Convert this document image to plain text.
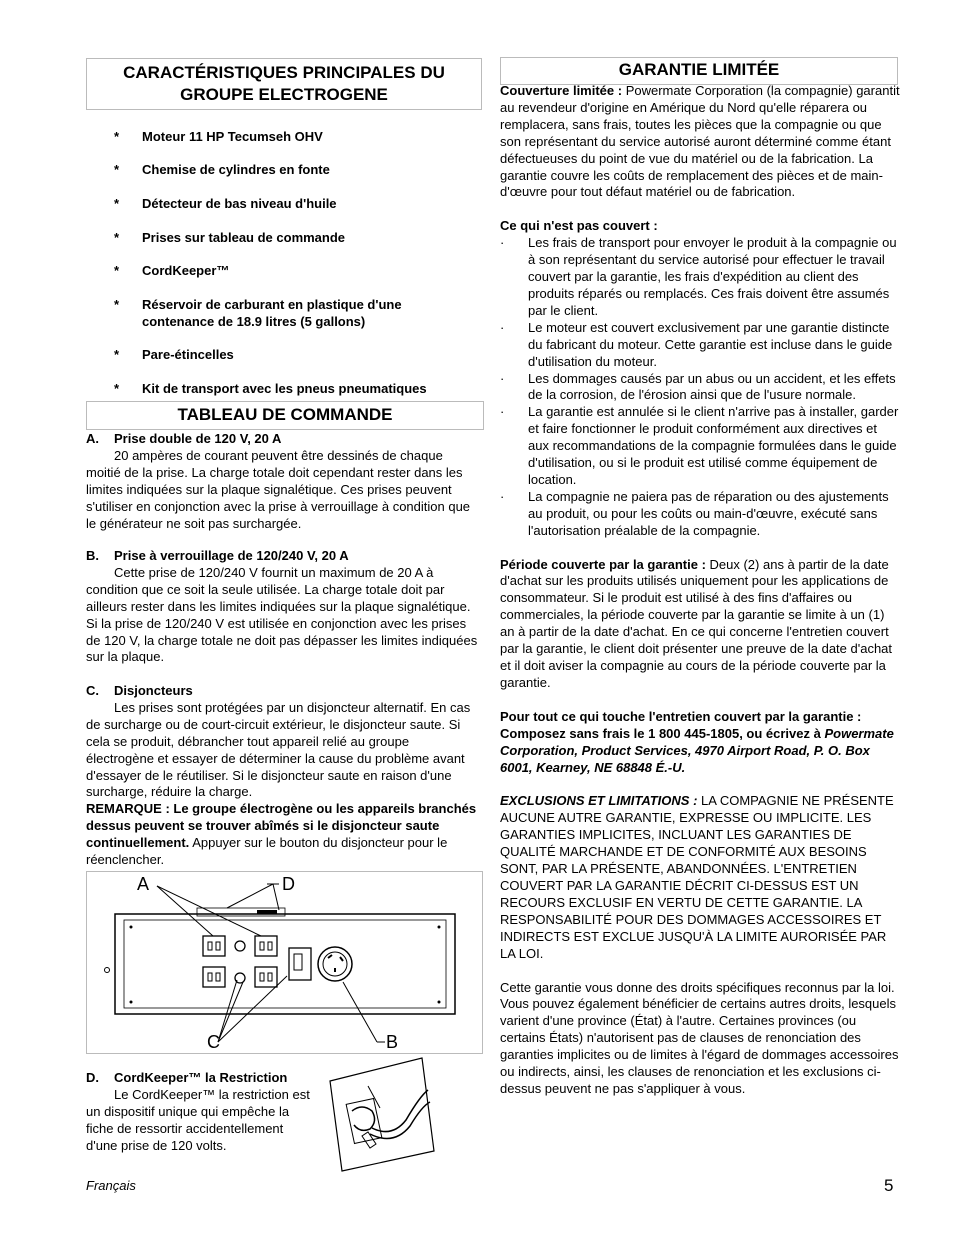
CARACTÉRISTIQUES PRINCIPALES DU GROUPE ELECTROGENE
* Moteur 11 HP Tecumseh OHV
* Chemise de cylindres en fonte
* Détecteur de bas niveau d'huile
* Prises sur tableau de commande
* CordKeeper™
* Réservoir de carburant en plastique d'une contenance de 18.9 litres (5 gallons)
* Pare-étincelles
* Kit de transport avec les pneus pneumatiques
TABLEAU DE COMMANDE
A. Prise double de 120 V, 20 A
20 ampères de courant peuvent être dessinés de chaque moitié de la prise. La charge totale doit cependant rester dans les limites indiquées sur la plaque signalétique. Ces prises peuvent s'utiliser en conjonction avec la prise à verrouillage à condition que le générateur ne soit pas surchargée.
B. Prise à verrouillage de 120/240 V, 20 A
Cette prise de 120/240 V fournit un maximum de 20 A à condition que ce soit la seule utilisée. La charge totale doit par ailleurs rester dans les limites indiquées sur la plaque signalétique. Si la prise de 120/240 V est utilisée en conjonction avec les prises de 120 V, la charge totale ne doit pas dépasser les limites indiquées sur la plaque.
C. Disjoncteurs
Les prises sont protégées par un disjoncteur alternatif. En cas de surcharge ou de court-circuit extérieur, le disjoncteur saute. Si cela se produit, débrancher tout appareil relié au groupe électrogène et essayer de déterminer la cause du problème avant d'essayer de le réutiliser. Si le disjoncteur saute en raison d'une surcharge, réduire la charge.
REMARQUE : Le groupe électrogène ou les appareils branchés dessus peuvent se trouver abîmés si le disjoncteur saute continuellement. Appuyer sur le bouton du disjoncteur pour le réenclencher.
A	D
C	B
D. CordKeeper™ la Restriction
Le CordKeeper™ la restriction est un dispositif unique qui empêche la fiche de ressortir accidentellement d'une prise de 120 volts.
Français
GARANTIE LIMITÉE
Couverture limitée : Powermate Corporation (la compagnie) garantit au revendeur d'origine en Amérique du Nord qu'elle réparera ou remplacera, sans frais, toutes les pièces que la compagnie ou que son représentant du service autorisé auront déterminé comme étant défectueuses du point de vue du matériel ou de la fabrication. La garantie couvre les coûts de remplacement des pièces et de main-d'œuvre pour tout défaut matériel ou de fabrication.
Ce qui n'est pas couvert :
· Les frais de transport pour envoyer le produit à la compagnie ou à son représentant du service autorisé pour effectuer le travail couvert par la garantie, les frais d'expédition au client des produits réparés ou remplacés. Ces frais doivent être assumés par le client.
· Le moteur est couvert exclusivement par une garantie distincte du fabricant du moteur. Cette garantie est incluse dans le guide d'utilisation du moteur.
· Les dommages causés par un abus ou un accident, et les effets de la corrosion, de l'érosion ainsi que de l'usure normale.
· La garantie est annulée si le client n'arrive pas à installer, garder et faire fonctionner le produit conformément aux directives et aux recommandations de la compagnie formulées dans le guide d'utilisation, ou si le produit est utilisé comme équipement de location.
· La compagnie ne paiera pas de réparation ou des ajustements au produit, ou pour les coûts ou main-d'œuvre, exécuté sans l'autorisation préalable de la compagnie.
Période couverte par la garantie : Deux (2) ans à partir de la date d'achat sur les produits utilisés uniquement pour les applications de consommateur. Si le produit est utilisé à des fins d'affaires ou commerciales, la période couverte par la garantie se limite à un (1) an à partir de la date d'achat. En ce qui concerne l'entretien couvert par la garantie, le client doit présenter une preuve de la date d'achat et il doit aviser la compagnie au cours de la période couverte par la garantie.
Pour tout ce qui touche l'entretien couvert par la garantie : Composez sans frais le 1 800 445-1805, ou écrivez à Powermate Corporation, Product Services, 4970 Airport Road, P. O. Box 6001, Kearney, NE 68848 É.-U.
EXCLUSIONS ET LIMITATIONS : LA COMPAGNIE NE PRÉSENTE AUCUNE AUTRE GARANTIE, EXPRESSE OU IMPLICITE. LES GARANTIES IMPLICITES, INCLUANT LES GARANTIES DE QUALITÉ MARCHANDE ET DE CONFORMITÉ AUX BESOINS SONT, PAR LA PRÉSENTE, ABANDONNÉES. L'ENTRETIEN COUVERT PAR LA GARANTIE DÉCRIT CI-DESSUS EST UN RECOURS EXCLUSIF EN VERTU DE CETTE GARANTIE. LA RESPONSABILITÉ POUR DES DOMMAGES ACCESSOIRES ET INDIRECTS EST EXCLUE JUSQU'À LA LIMITE AURORISÉE PAR LA LOI.
Cette garantie vous donne des droits spécifiques reconnus par la loi. Vous pouvez également bénéficier de certains autres droits, lesquels varient d'une province (État) à l'autre. Certaines provinces (ou certains États) n'autorisent pas de clauses de renonciation des garanties implicites ou de limites à l'égard de dommages accessoires ou indirects, ainsi, les clauses de renonciation et les exclusions ci-dessus peuvent ne pas s'appliquer à vous.
5
